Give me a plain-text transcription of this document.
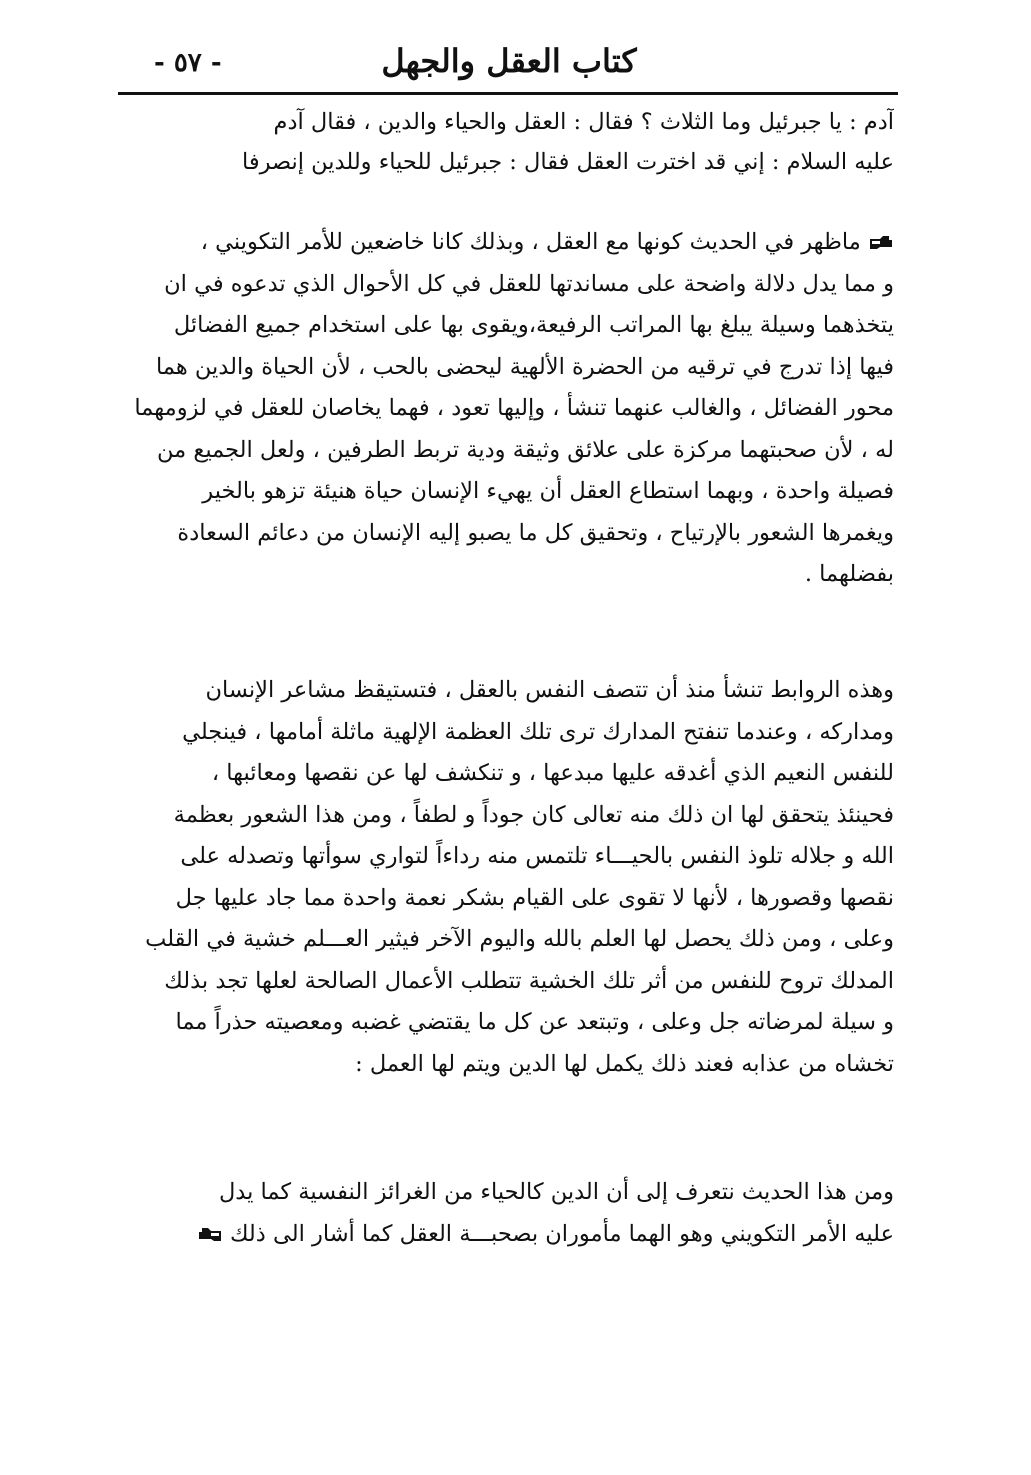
- ٥٧ -	كتاب العقل والجهل
آدم : يا جبرئيل وما الثلاث ؟ فقال : العقل والحياء والدين ، فقال آدم
عليه السلام : إني قد اخترت العقل فقال : جبرئيل للحياء وللدين إنصرفا
ماظهر في الحديث كونها مع العقل ، وبذلك كانا خاضعين للأمر التكويني ،
و مما يدل دلالة واضحة على مساندتها للعقل في كل الأحوال الذي تدعوه في ان
يتخذهما وسيلة يبلغ بها المراتب الرفيعة،ويقوى بها على استخدام جميع الفضائل
فيها إذا تدرج في ترقيه من الحضرة الألهية ليحضى بالحب ، لأن الحياة والدين هما
محور الفضائل ، والغالب عنهما تنشأ ، وإليها تعود ، فهما يخاصان للعقل في لزومهما
له ، لأن صحبتهما مركزة على علائق وثيقة ودية تربط الطرفين ، ولعل الجميع من
فصيلة واحدة ، وبهما استطاع العقل أن يهيء الإنسان حياة هنيئة تزهو بالخير
ويغمرها الشعور بالإرتياح ، وتحقيق كل ما يصبو إليه الإنسان من دعائم السعادة
بفضلهما .
وهذه الروابط تنشأ منذ أن تتصف النفس بالعقل ، فتستيقظ مشاعر الإنسان
ومداركه ، وعندما تنفتح المدارك ترى تلك العظمة الإلهية ماثلة أمامها ، فينجلي
للنفس النعيم الذي أغدقه عليها مبدعها ، و تنكشف لها عن نقصها ومعائبها ،
فحينئذ يتحقق لها ان ذلك منه تعالى كان جوداً و لطفاً ، ومن هذا الشعور بعظمة
الله و جلاله تلوذ النفس بالحيـــاء تلتمس منه رداءاً لتواري سوأتها وتصدله على
نقصها وقصورها ، لأنها لا تقوى على القيام بشكر نعمة واحدة مما جاد عليها جل
وعلى ، ومن ذلك يحصل لها العلم بالله واليوم الآخر فيثير العـــلم خشية في القلب
المدلك تروح للنفس من أثر تلك الخشية تتطلب الأعمال الصالحة لعلها تجد بذلك
و سيلة لمرضاته جل وعلى ، وتبتعد عن كل ما يقتضي غضبه ومعصيته حذراً مما
تخشاه من عذابه فعند ذلك يكمل لها الدين ويتم لها العمل :
ومن هذا الحديث نتعرف إلى أن الدين كالحياء من الغرائز النفسية كما يدل
عليه الأمر التكويني وهو الهما مأموران بصحبـــة العقل كما أشار الى ذلك
